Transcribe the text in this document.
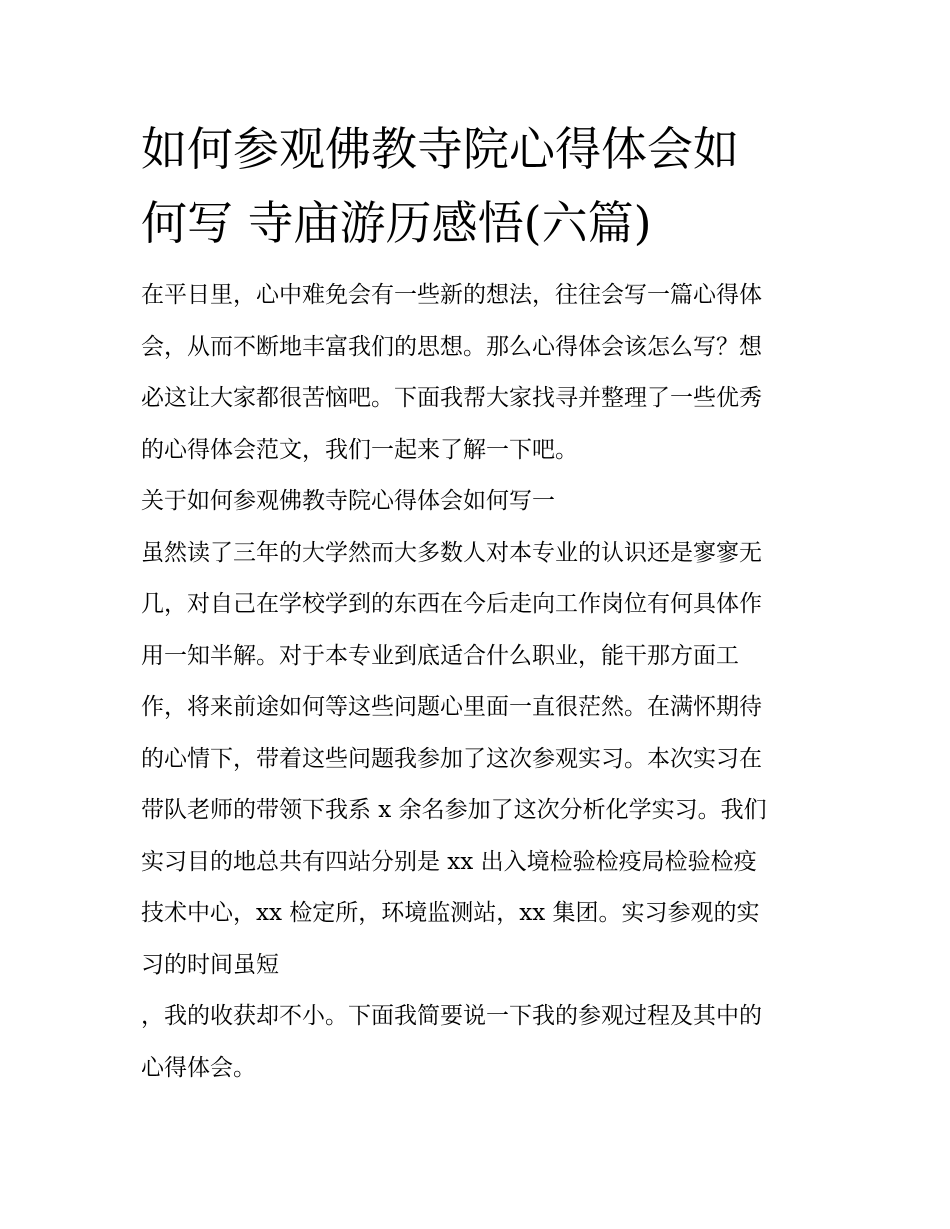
如何参观佛教寺院心得体会如
何写 寺庙游历感悟(六篇)

在平日里，心中难免会有一些新的想法，往往会写一篇心得体
会，从而不断地丰富我们的思想。那么心得体会该怎么写？想
必这让大家都很苦恼吧。下面我帮大家找寻并整理了一些优秀
的心得体会范文，我们一起来了解一下吧。

关于如何参观佛教寺院心得体会如何写一

虽然读了三年的大学然而大多数人对本专业的认识还是寥寥无
几，对自己在学校学到的东西在今后走向工作岗位有何具体作
用一知半解。对于本专业到底适合什么职业，能干那方面工
作，将来前途如何等这些问题心里面一直很茫然。在满怀期待
的心情下，带着这些问题我参加了这次参观实习。本次实习在
带队老师的带领下我系 x 余名参加了这次分析化学实习。我们
实习目的地总共有四站分别是 xx 出入境检验检疫局检验检疫
技术中心，xx 检定所，环境监测站，xx 集团。实习参观的实
习的时间虽短

，我的收获却不小。下面我简要说一下我的参观过程及其中的
心得体会。
